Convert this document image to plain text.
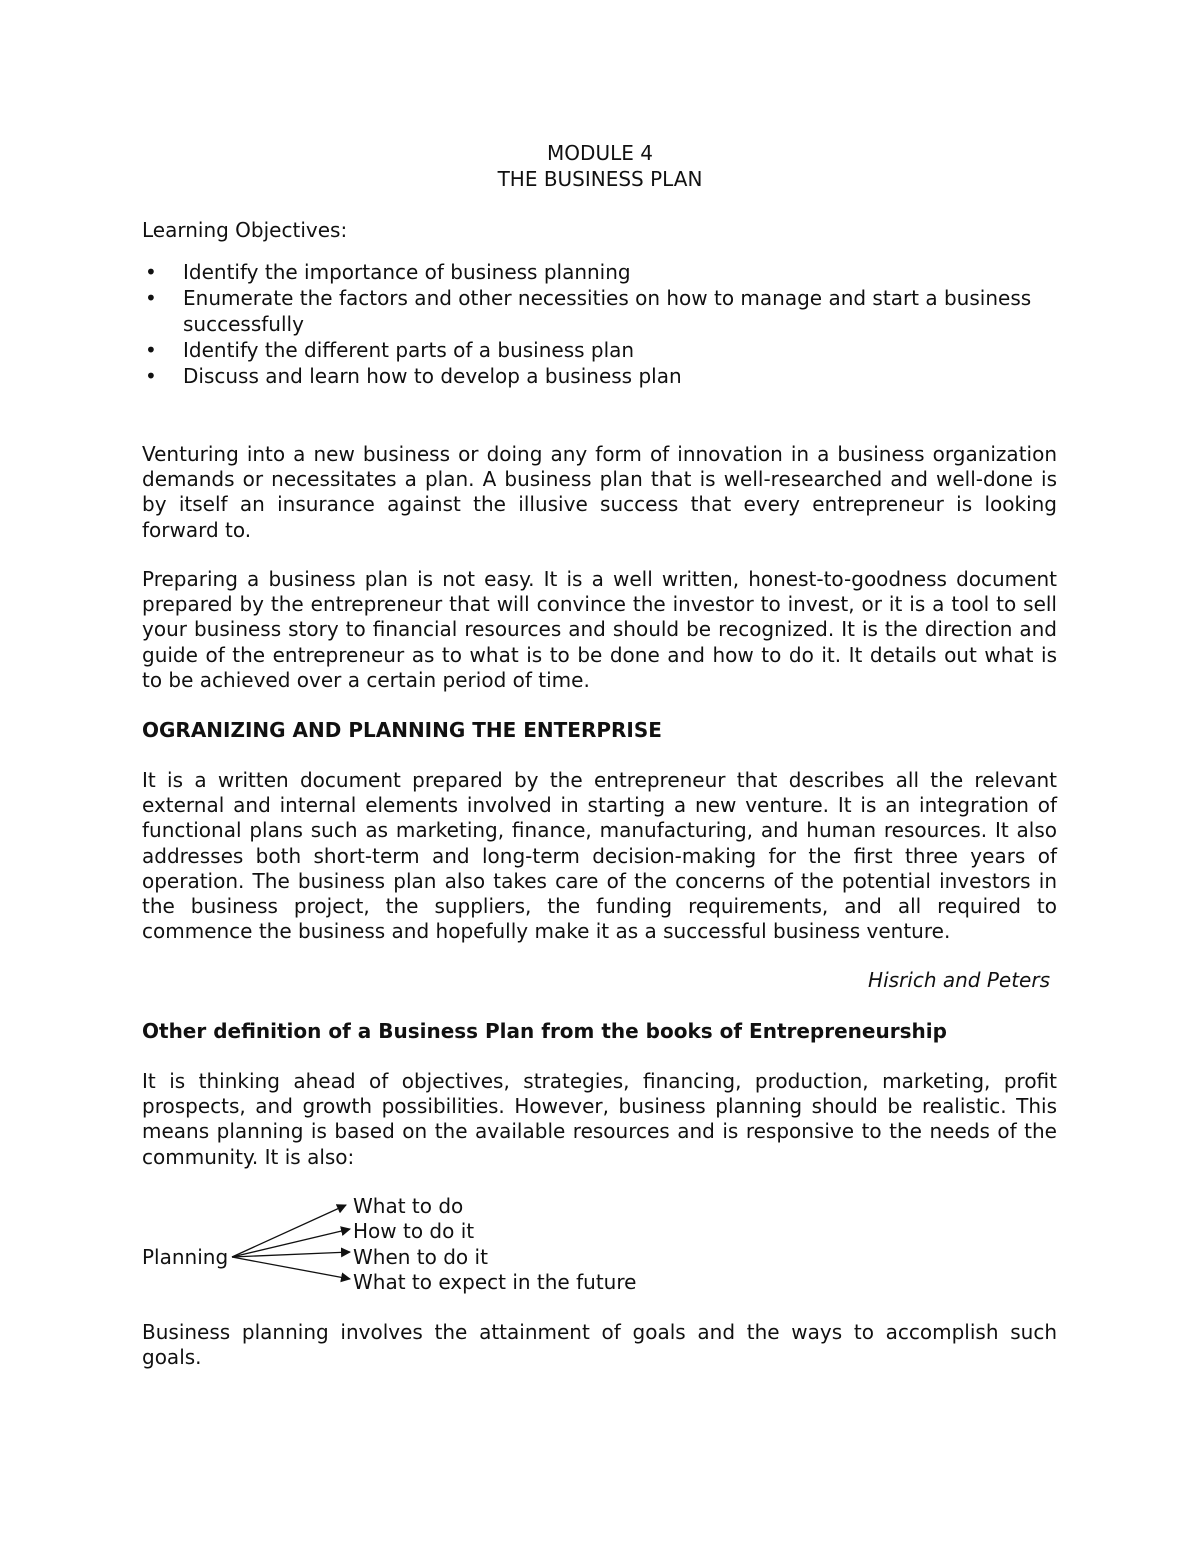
MODULE 4
THE BUSINESS PLAN
Learning Objectives:
• Identify the importance of business planning
• Enumerate the factors and other necessities on how to manage and start a business successfully
• Identify the different parts of a business plan
• Discuss and learn how to develop a business plan

Venturing into a new business or doing any form of innovation in a business organization demands or necessitates a plan. A business plan that is well-researched and well-done is by itself an insurance against the illusive success that every entrepreneur is looking forward to.

Preparing a business plan is not easy. It is a well written, honest-to-goodness document prepared by the entrepreneur that will convince the investor to invest, or it is a tool to sell your business story to financial resources and should be recognized. It is the direction and guide of the entrepreneur as to what is to be done and how to do it. It details out what is to be achieved over a certain period of time.

OGRANIZING AND PLANNING THE ENTERPRISE

It is a written document prepared by the entrepreneur that describes all the relevant external and internal elements involved in starting a new venture. It is an integration of functional plans such as marketing, finance, manufacturing, and human resources. It also addresses both short-term and long-term decision-making for the first three years of operation. The business plan also takes care of the concerns of the potential investors in the business project, the suppliers, the funding requirements, and all required to commence the business and hopefully make it as a successful business venture.

Hisrich and Peters
Other definition of a Business Plan from the books of Entrepreneurship

It is thinking ahead of objectives, strategies, financing, production, marketing, profit prospects, and growth possibilities. However, business planning should be realistic. This means planning is based on the available resources and is responsive to the needs of the community. It is also:

Planning
What to do
How to do it
When to do it
What to expect in the future

Business planning involves the attainment of goals and the ways to accomplish such goals.
